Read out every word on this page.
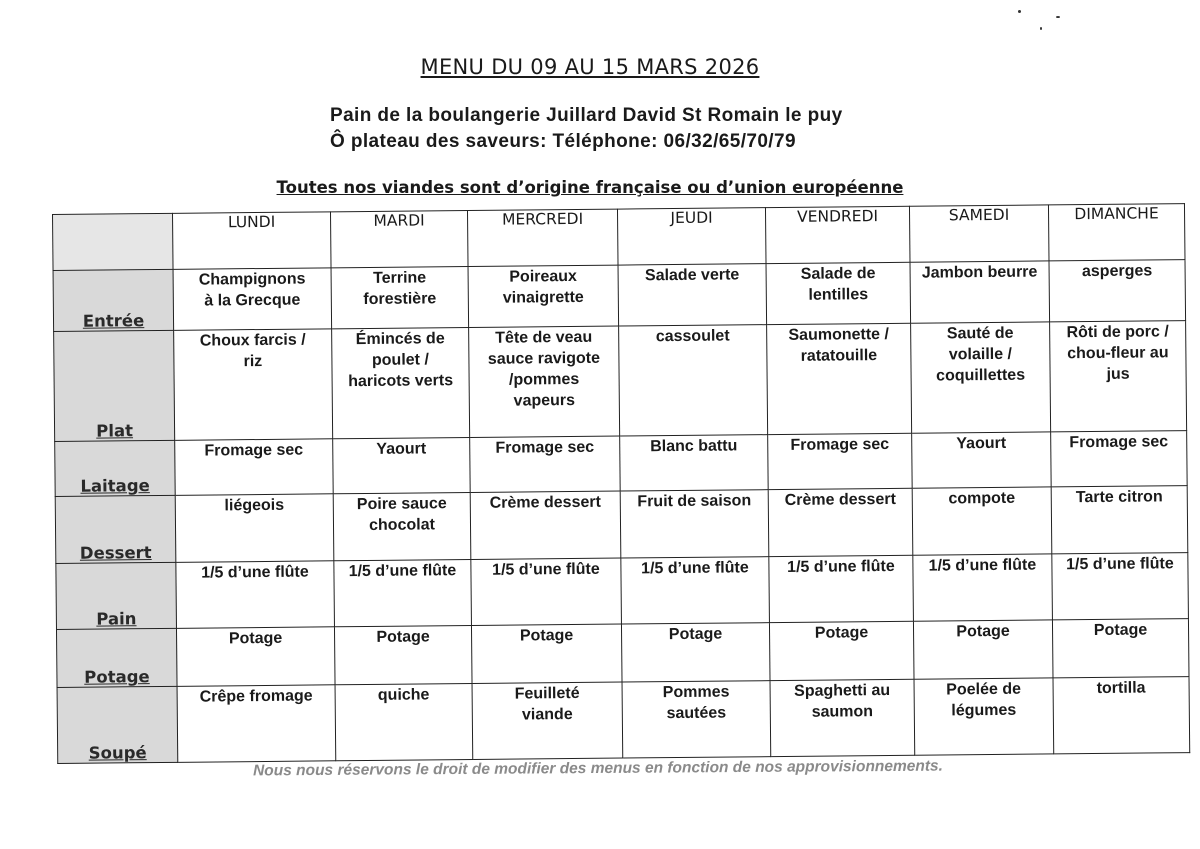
MENU DU 09 AU 15 MARS 2026
Pain de la boulangerie Juillard David St Romain le puy
Ô plateau des saveurs: Téléphone: 06/32/65/70/79
Toutes nos viandes sont d’origine française ou d’union européenne
	LUNDI	MARDI	MERCREDI	JEUDI	VENDREDI	SAMEDI	DIMANCHE
Entrée	Champignons à la Grecque	Terrine forestière	Poireaux vinaigrette	Salade verte	Salade de lentilles	Jambon beurre	asperges
Plat	Choux farcis / riz	Émincés de poulet / haricots verts	Tête de veau sauce ravigote /pommes vapeurs	cassoulet	Saumonette / ratatouille	Sauté de volaille / coquillettes	Rôti de porc / chou-fleur au jus
Laitage	Fromage sec	Yaourt	Fromage sec	Blanc battu	Fromage sec	Yaourt	Fromage sec
Dessert	liégeois	Poire sauce chocolat	Crème dessert	Fruit de saison	Crème dessert	compote	Tarte citron
Pain	1/5 d’une flûte	1/5 d’une flûte	1/5 d’une flûte	1/5 d’une flûte	1/5 d’une flûte	1/5 d’une flûte	1/5 d’une flûte
Potage	Potage	Potage	Potage	Potage	Potage	Potage	Potage
Soupé	Crêpe fromage	quiche	Feuilleté viande	Pommes sautées	Spaghetti au saumon	Poelée de légumes	tortilla
Nous nous réservons le droit de modifier des menus en fonction de nos approvisionnements.
